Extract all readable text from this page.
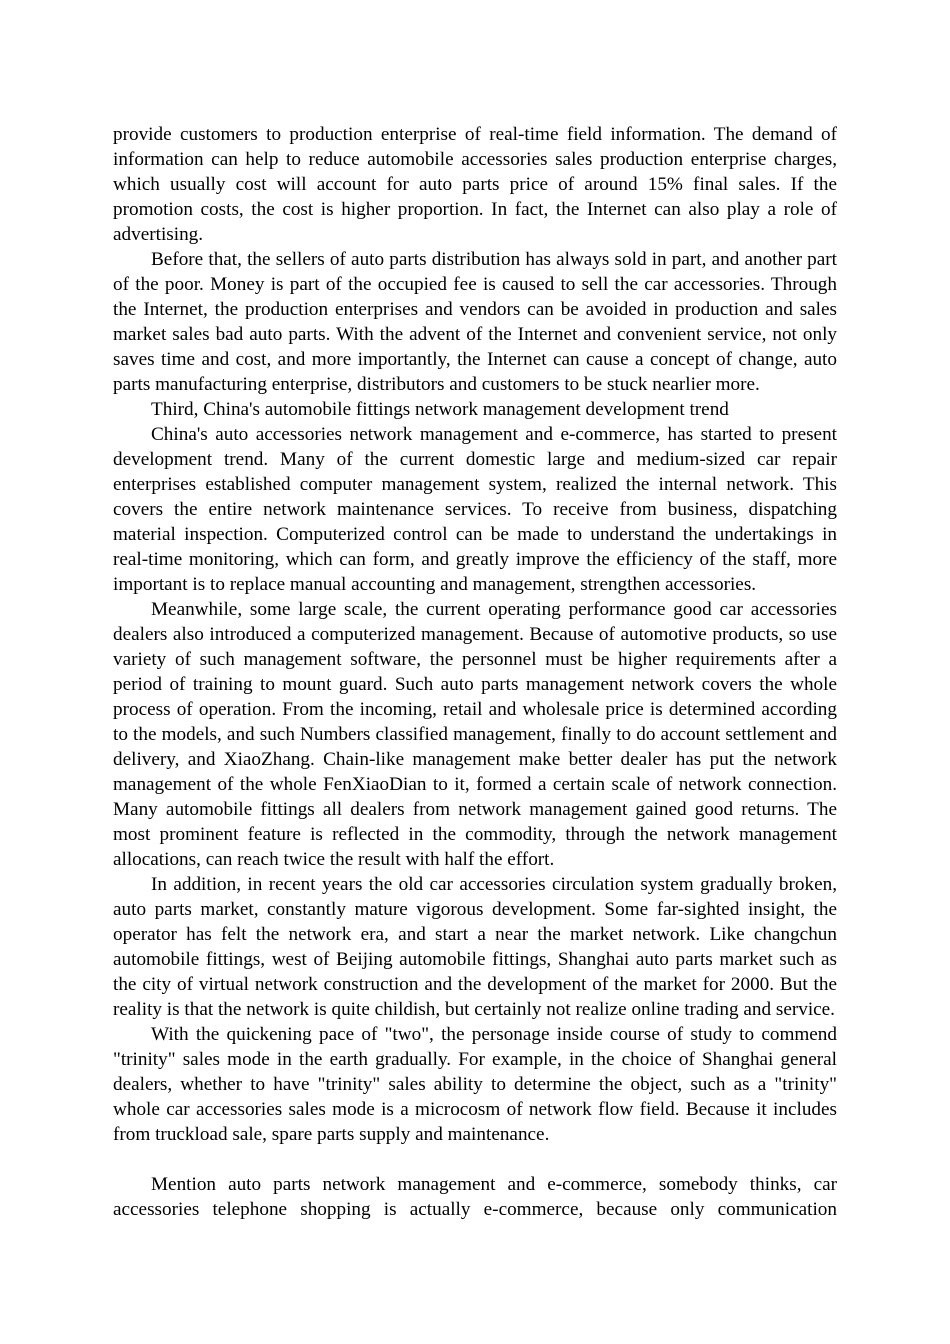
provide customers to production enterprise of real-time field information. The demand of information can help to reduce automobile accessories sales production enterprise charges, which usually cost will account for auto parts price of around 15% final sales. If the promotion costs, the cost is higher proportion. In fact, the Internet can also play a role of advertising.

Before that, the sellers of auto parts distribution has always sold in part, and another part of the poor. Money is part of the occupied fee is caused to sell the car accessories. Through the Internet, the production enterprises and vendors can be avoided in production and sales market sales bad auto parts. With the advent of the Internet and convenient service, not only saves time and cost, and more importantly, the Internet can cause a concept of change, auto parts manufacturing enterprise, distributors and customers to be stuck nearlier more.

Third, China's automobile fittings network management development trend

China's auto accessories network management and e-commerce, has started to present development trend. Many of the current domestic large and medium-sized car repair enterprises established computer management system, realized the internal network. This covers the entire network maintenance services. To receive from business, dispatching material inspection. Computerized control can be made to understand the undertakings in real-time monitoring, which can form, and greatly improve the efficiency of the staff, more important is to replace manual accounting and management, strengthen accessories.

Meanwhile, some large scale, the current operating performance good car accessories dealers also introduced a computerized management. Because of automotive products, so use variety of such management software, the personnel must be higher requirements after a period of training to mount guard. Such auto parts management network covers the whole process of operation. From the incoming, retail and wholesale price is determined according to the models, and such Numbers classified management, finally to do account settlement and delivery, and XiaoZhang. Chain-like management make better dealer has put the network management of the whole FenXiaoDian to it, formed a certain scale of network connection. Many automobile fittings all dealers from network management gained good returns. The most prominent feature is reflected in the commodity, through the network management allocations, can reach twice the result with half the effort.

In addition, in recent years the old car accessories circulation system gradually broken, auto parts market, constantly mature vigorous development. Some far-sighted insight, the operator has felt the network era, and start a near the market network. Like changchun automobile fittings, west of Beijing automobile fittings, Shanghai auto parts market such as the city of virtual network construction and the development of the market for 2000. But the reality is that the network is quite childish, but certainly not realize online trading and service.

With the quickening pace of "two", the personage inside course of study to commend "trinity" sales mode in the earth gradually. For example, in the choice of Shanghai general dealers, whether to have "trinity" sales ability to determine the object, such as a "trinity" whole car accessories sales mode is a microcosm of network flow field. Because it includes from truckload sale, spare parts supply and maintenance.

Mention auto parts network management and e-commerce, somebody thinks, car accessories telephone shopping is actually e-commerce, because only communication
